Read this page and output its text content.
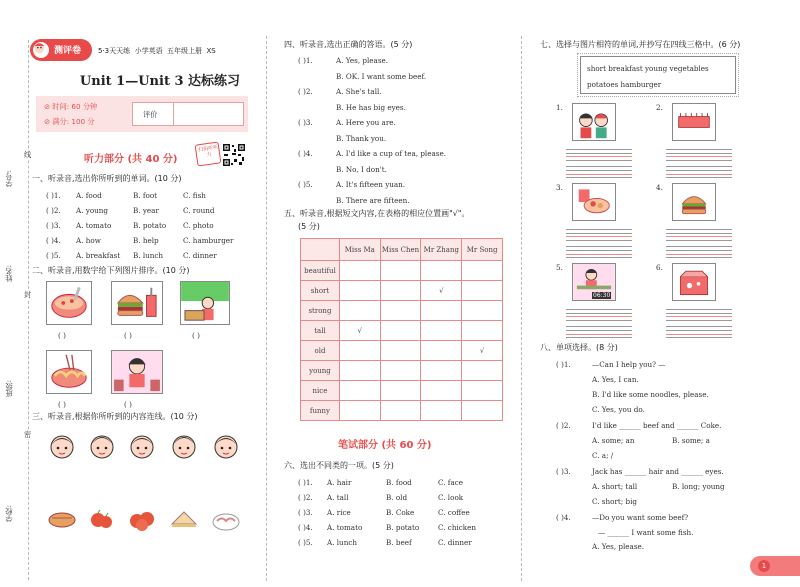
学号:
姓名:
班级:
学校:
线
封
密
测评卷 5·3天天练 小学英语 五年级上册 XS
Unit 1—Unit 3 达标练习
⊘ 时间: 60 分钟
⊘ 满分: 100 分
评价
听力部分 (共 40 分)
扫码听听力
一、听录音,选出你所听到的单词。(10 分)
( )1. A. food	B. foot	C. fish
( )2. A. young	B. year	C. round
( )3. A. tomato	B. potato C. photo
( )4. A. how	B. help	C. hamburger
( )5. A. breakfast B. lunch	C. dinner
二、听录音,用数字给下列图片排序。(10 分)
( )	( )	( )
( )	( )
三、听录音,根据你所听到的内容连线。(10 分)
四、听录音,选出正确的答语。(5 分)
( )1.	A. Yes, please.
B. OK. I want some beef.
( )2.	A. She's tall.
B. He has big eyes.
( )3.	A. Here you are.
B. Thank you.
( )4.	A. I'd like a cup of tea, please.
B. No, I don't.
( )5.	A. It's fifteen yuan.
B. There are fifteen.
五、听录音,根据短文内容,在表格的相应位置画"√"。
(5 分)
	Miss Ma	Miss Chen	Mr Zhang	Mr Song
beautiful				
short			√	
strong				
tall	√			
old				√
young				
nice				
funny				
笔试部分 (共 60 分)
六、选出不同类的一项。(5 分)
( )1. A. hair	B. food	C. face
( )2. A. tall	B. old	C. look
( )3. A. rice	B. Coke	C. coffee
( )4. A. tomato	B. potato	C. chicken
( )5. A. lunch	B. beef	C. dinner
七、选择与图片相符的单词,并抄写在四线三格中。(6 分)
short breakfast young vegetables
potatoes hamburger
1.	2.
3.	4.
5.
06:30
6.
八、单项选择。(8 分)
( )1.	—Can I help you? —
A. Yes, I can.
B. I'd like some noodles, please.
C. Yes, you do.
( )2.	I'd like ______ beef and ______ Coke.
A. some; an	B. some; a
C. a; /
( )3.	Jack has ______ hair and ______ eyes.
A. short; tall	B. long; young
C. short; big
( )4.	—Do you want some beef?
— ______ I want some fish.
A. Yes, please.
1
